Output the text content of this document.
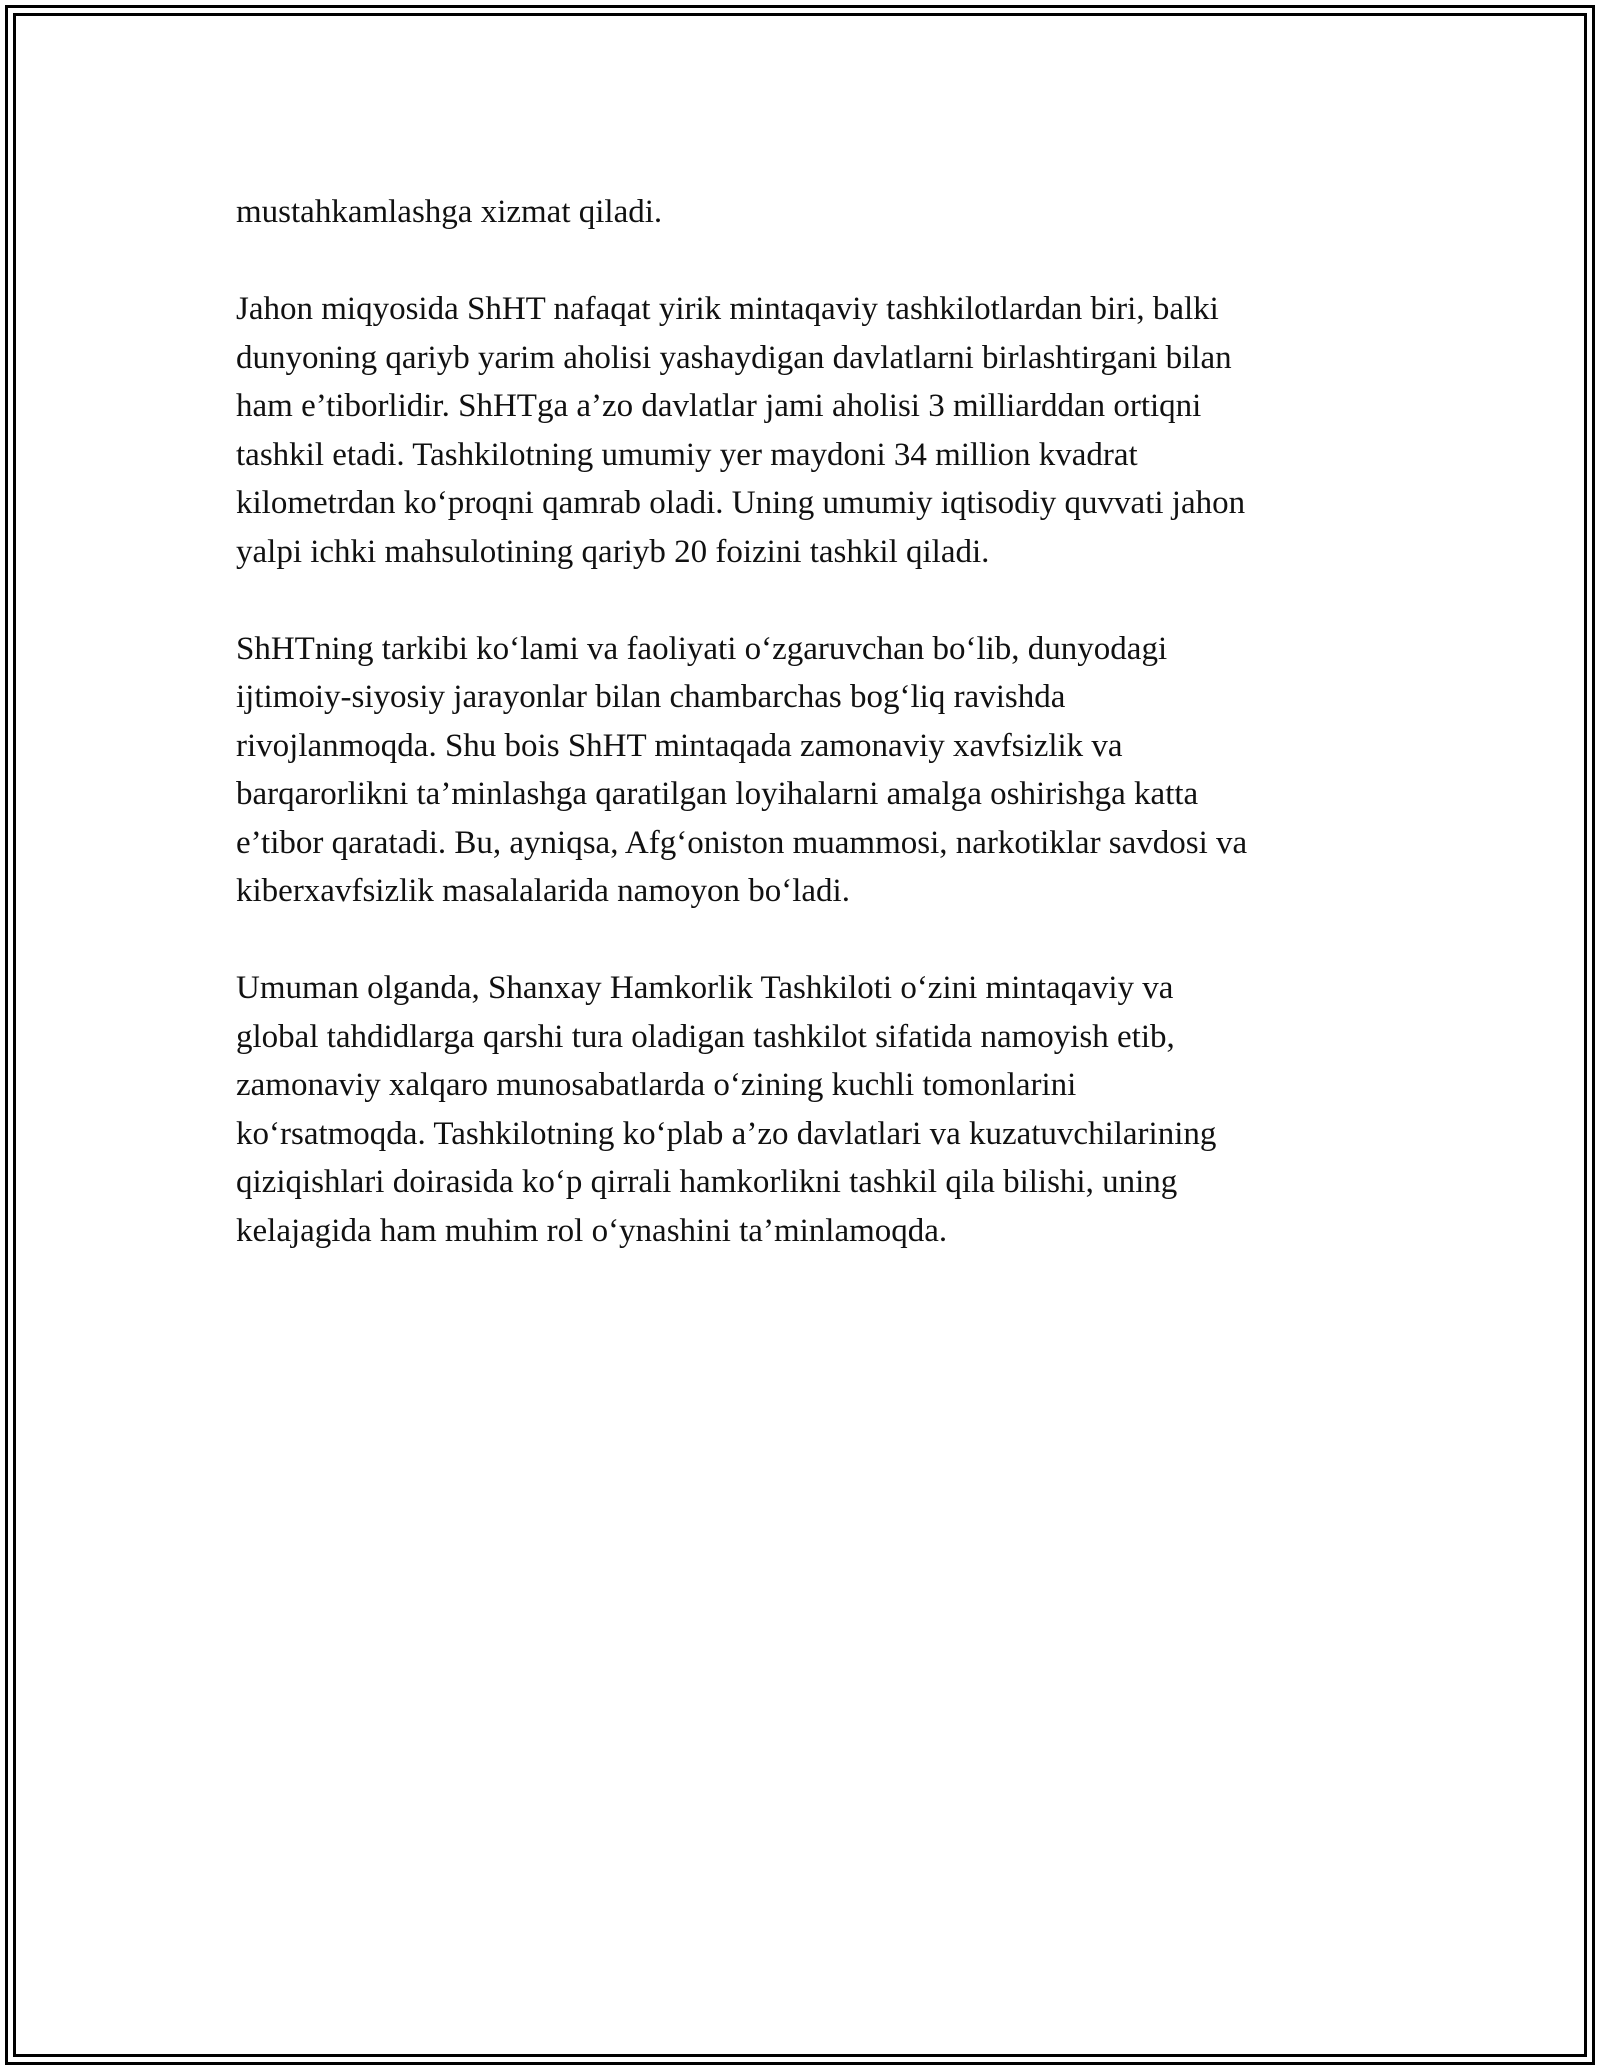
mustahkamlashga xizmat qiladi.

Jahon miqyosida ShHT nafaqat yirik mintaqaviy tashkilotlardan biri, balki
dunyoning qariyb yarim aholisi yashaydigan davlatlarni birlashtirgani bilan
ham e’tiborlidir. ShHTga a’zo davlatlar jami aholisi 3 milliarddan ortiqni
tashkil etadi. Tashkilotning umumiy yer maydoni 34 million kvadrat
kilometrdan ko‘proqni qamrab oladi. Uning umumiy iqtisodiy quvvati jahon
yalpi ichki mahsulotining qariyb 20 foizini tashkil qiladi.

ShHTning tarkibi ko‘lami va faoliyati o‘zgaruvchan bo‘lib, dunyodagi
ijtimoiy-siyosiy jarayonlar bilan chambarchas bog‘liq ravishda
rivojlanmoqda. Shu bois ShHT mintaqada zamonaviy xavfsizlik va
barqarorlikni ta’minlashga qaratilgan loyihalarni amalga oshirishga katta
e’tibor qaratadi. Bu, ayniqsa, Afg‘oniston muammosi, narkotiklar savdosi va
kiberxavfsizlik masalalarida namoyon bo‘ladi.

Umuman olganda, Shanxay Hamkorlik Tashkiloti o‘zini mintaqaviy va
global tahdidlarga qarshi tura oladigan tashkilot sifatida namoyish etib,
zamonaviy xalqaro munosabatlarda o‘zining kuchli tomonlarini
ko‘rsatmoqda. Tashkilotning ko‘plab a’zo davlatlari va kuzatuvchilarining
qiziqishlari doirasida ko‘p qirrali hamkorlikni tashkil qila bilishi, uning
kelajagida ham muhim rol o‘ynashini ta’minlamoqda.
